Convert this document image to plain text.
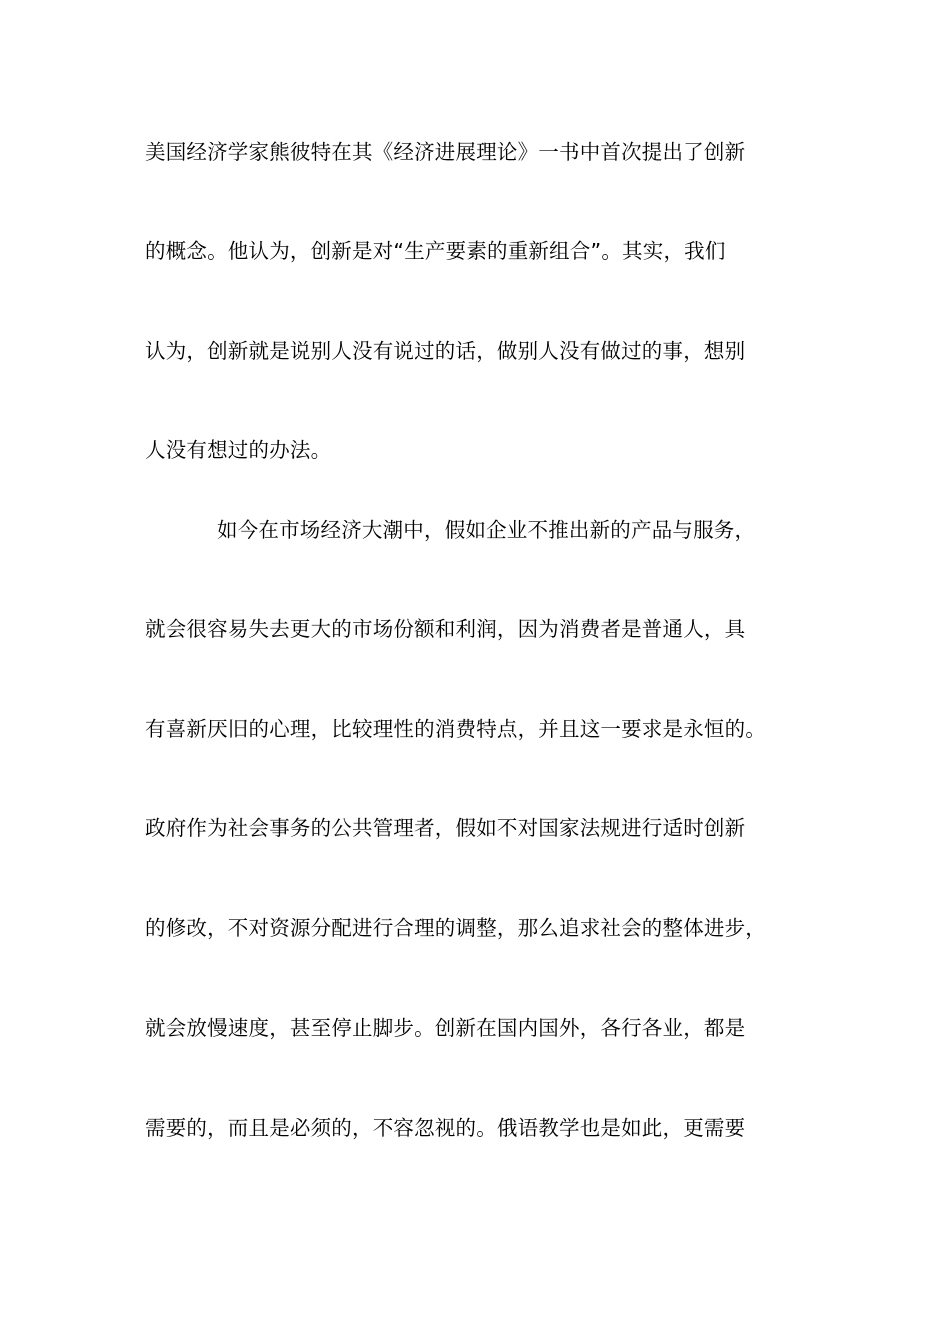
美国经济学家熊彼特在其《经济进展理论》一书中首次提出了创新
的概念。他认为，创新是对“生产要素的重新组合”。其实，我们
认为，创新就是说别人没有说过的话，做别人没有做过的事，想别
人没有想过的办法。
如今在市场经济大潮中，假如企业不推出新的产品与服务，
就会很容易失去更大的市场份额和利润，因为消费者是普通人，具
有喜新厌旧的心理，比较理性的消费特点，并且这一要求是永恒的。
政府作为社会事务的公共管理者，假如不对国家法规进行适时创新
的修改，不对资源分配进行合理的调整，那么追求社会的整体进步，
就会放慢速度，甚至停止脚步。创新在国内国外，各行各业，都是
需要的，而且是必须的，不容忽视的。俄语教学也是如此，更需要
